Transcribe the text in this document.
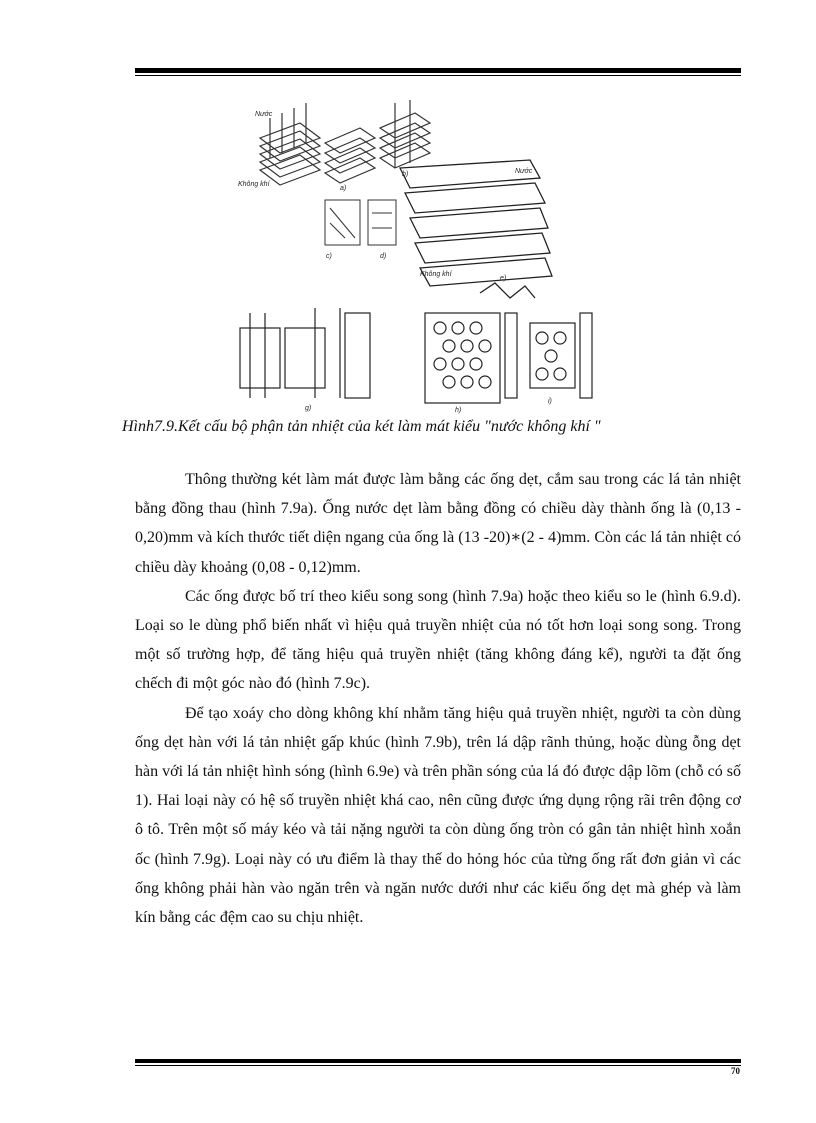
Nước
Không khí
a)
b)	Nước
c)	d)
Không khí
e)
g)	h)
i)
Hình7.9.Kết cấu bộ phận tản nhiệt của két làm mát kiểu "nước không khí "

Thông thường két làm mát được làm bằng các ống dẹt, cắm sau trong các lá tản nhiệt bằng đồng thau (hình 7.9a). Ống nước dẹt làm bằng đồng có chiều dày thành ống là (0,13 - 0,20)mm và kích thước tiết diện ngang của ống là (13 -20)∗(2 - 4)mm. Còn các lá tản nhiệt có chiều dày khoảng (0,08 - 0,12)mm.

Các ống được bố trí theo kiểu song song (hình 7.9a) hoặc theo kiểu so le (hình 6.9.d). Loại so le dùng phổ biến nhất vì hiệu quả truyền nhiệt của nó tốt hơn loại song song. Trong một số trường hợp, để tăng hiệu quả truyền nhiệt (tăng không đáng kể), người ta đặt ống chếch đi một góc nào đó (hình 7.9c).

Để tạo xoáy cho dòng không khí nhằm tăng hiệu quả truyền nhiệt, người ta còn dùng ống dẹt hàn với lá tản nhiệt gấp khúc (hình 7.9b), trên lá dập rãnh thủng, hoặc dùng ỗng dẹt hàn với lá tản nhiệt hình sóng (hình 6.9e) và trên phần sóng của lá đó được dập lõm (chỗ có số 1). Hai loại này có hệ số truyền nhiệt khá cao, nên cũng được ứng dụng rộng rãi trên động cơ ô tô. Trên một số máy kéo và tải nặng người ta còn dùng ống tròn có gân tản nhiệt hình xoắn ốc (hình 7.9g). Loại này có ưu điểm là thay thế do hỏng hóc của từng ống rất đơn giản vì các ống không phải hàn vào ngăn trên và ngăn nước dưới như các kiểu ống dẹt mà ghép và làm kín bằng các đệm cao su chịu nhiệt.

70
